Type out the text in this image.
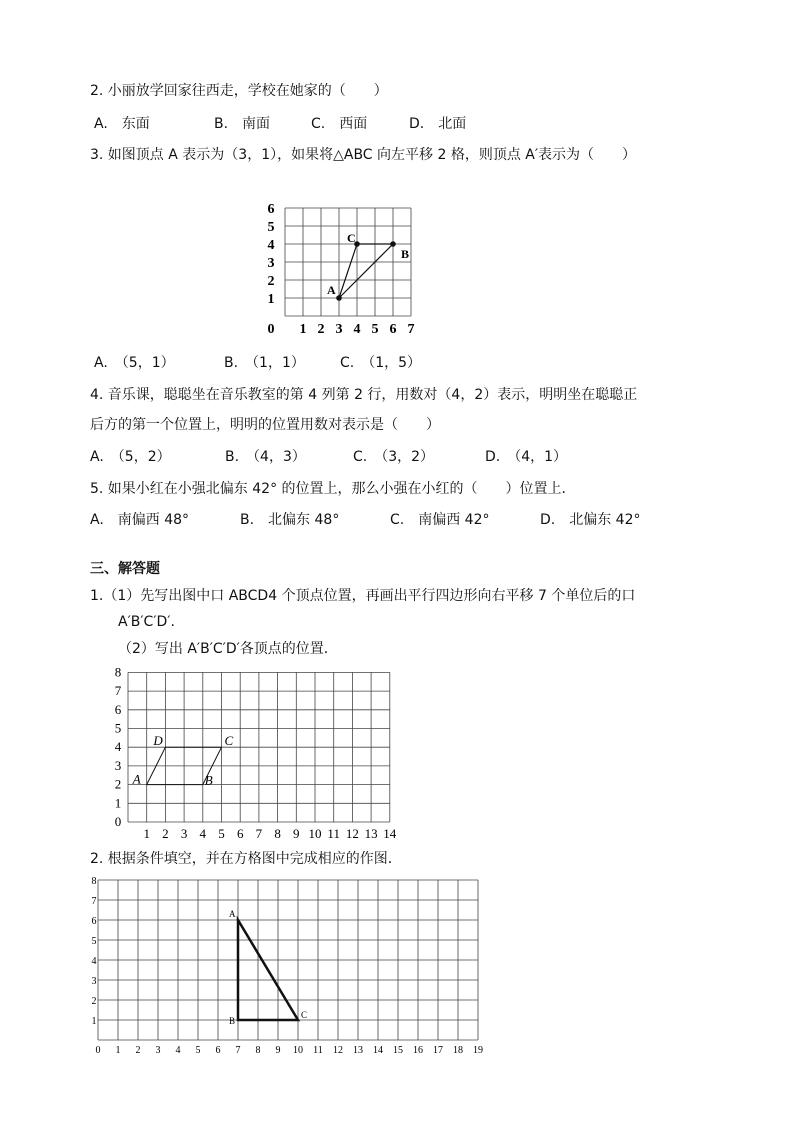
2. 小丽放学回家往西走，学校在她家的（　　）
A.　东面	B.　南面	C.　西面	D.　北面
3. 如图顶点 A 表示为（3，1），如果将△ABC 向左平移 2 格，则顶点 A′表示为（　　）
1
2
3
4
5
6
0 1 2 3 4 5 6 7
A
C
B
A.　（5，1）	B.　（1，1）	C.　（1，5）
4. 音乐课，聪聪坐在音乐教室的第 4 列第 2 行，用数对（4，2）表示，明明坐在聪聪正
后方的第一个位置上，明明的位置用数对表示是（　　）
A.　（5，2）	B.　（4，3）	C.　（3，2）	D.　（4，1）
5. 如果小红在小强北偏东 42° 的位置上，那么小强在小红的（　　）位置上．
A.　南偏西 48°	B.　北偏东 48°	C.　南偏西 42°	D.　北偏东 42°
三、解答题
1.（1）先写出图中口 ABCD4 个顶点位置，再画出平行四边形向右平移 7 个单位后的口
A′B′C′D′.
（2）写出 A′B′C′D′各顶点的位置．
0
1
2
3
4
5
6
7
8
1 2 3 4 5 6 7 8 9 10 11 12 13 14
A	B
C
D
2. 根据条件填空，并在方格图中完成相应的作图．
1
2
3
4
5
6
7
8
0 1 2 3 4 5 6 7 8 9 10 11 12 13 14 15 16 17 18 19
A
B
C
